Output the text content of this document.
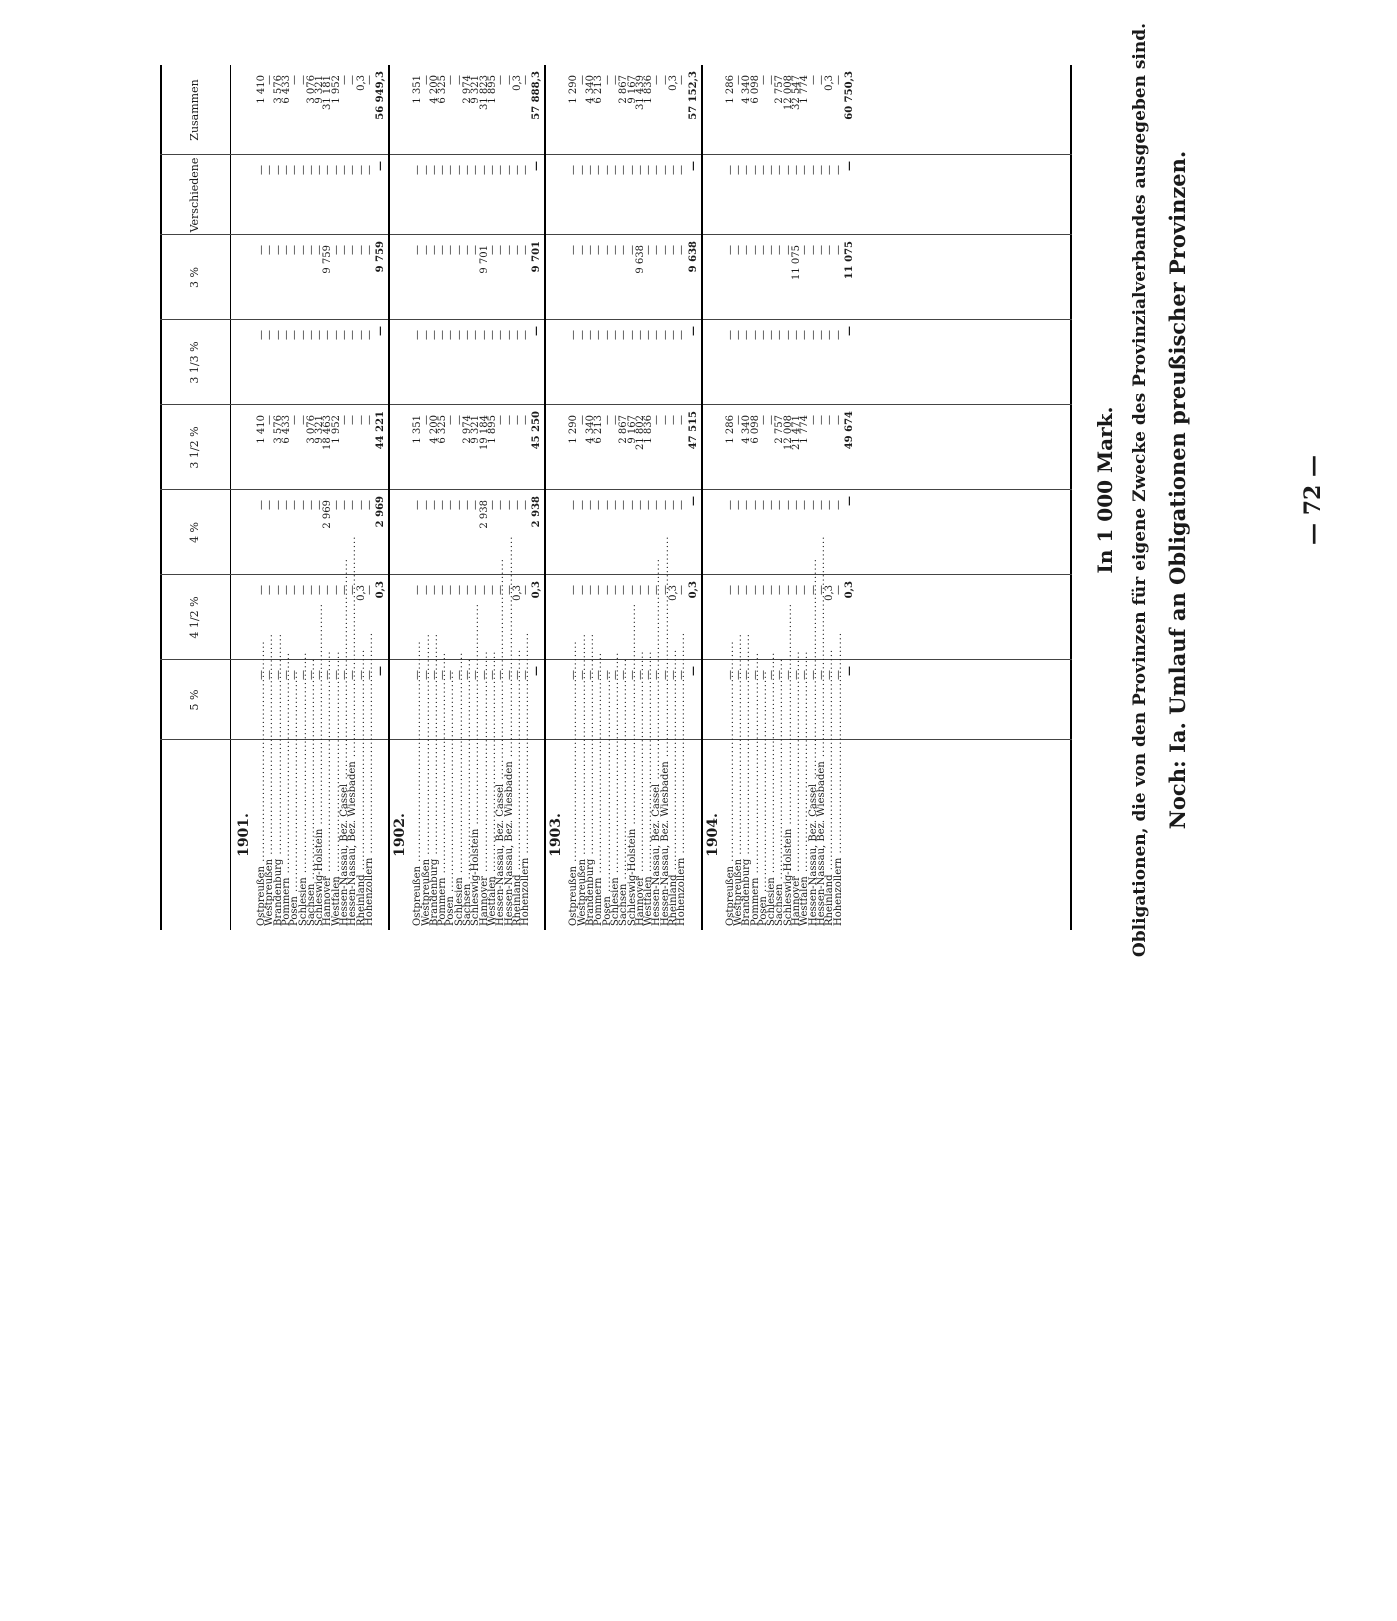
— 72 —
Noch: Ia. Umlauf an Obligationen preußischer Provinzen.
Obligationen, die von den Provinzen für eigene Zwecke des Provinzialverbandes ausgegeben sind.
In 1 000 Mark.
5 %
4 1/2 %
4 %
3 1/2 %
3 1/3 %
3 %
Verschiedene
Zusammen
1901.
Ostpreußen .....
—
—
—
1 410
—
—
—
1 410
Westpreußen .....
—
—
—
—
—
—
—
—
Brandenburg .....
—
—
—
3 576
—
—
—
3 576
Pommern .....
—
—
—
6 433
—
—
—
6 433
Posen .....
—
—
—
—
—
—
—
—
Schlesien .....
—
—
—
—
—
—
—
—
Sachsen .....
—
—
—
3 076
—
—
—
3 076
Schleswig-Holstein .....
—
—
—
9 321
—
—
—
9 321
Hannover .....
—
—
2 969
18 463
—
9 759
—
31 181
Westfalen .....
—
—
—
1 952
—
—
—
1 952
Hessen-Nassau, Bez. Cassel .....
—
—
—
—
—
—
—
—
Hessen-Nassau, Bez. Wiesbaden .....
—
—
—
—
—
—
—
—
Rheinland .....
—
0,3
—
—
—
—
—
0,3
Hohenzollern .....
—
—
—
—
—
—
—
—
—
0,3
2 969
44 221
—
9 759
—
56 949,3
1902.
Ostpreußen .....
—
—
—
1 351
—
—
—
1 351
Westpreußen .....
—
—
—
—
—
—
—
—
Brandenburg .....
—
—
—
4 200
—
—
—
4 200
Pommern .....
—
—
—
6 325
—
—
—
6 325
Posen .....
—
—
—
—
—
—
—
—
Schlesien .....
—
—
—
—
—
—
—
—
Sachsen .....
—
—
—
2 974
—
—
—
2 974
Schleswig-Holstein .....
—
—
—
9 321
—
—
—
9 321
Hannover .....
—
—
2 938
19 184
—
9 701
—
31 823
Westfalen .....
—
—
—
1 895
—
—
—
1 895
Hessen-Nassau, Bez. Cassel .....
—
—
—
—
—
—
—
—
Hessen-Nassau, Bez. Wiesbaden .....
—
—
—
—
—
—
—
—
Rheinland .....
—
0,3
—
—
—
—
—
0,3
Hohenzollern .....
—
—
—
—
—
—
—
—
—
0,3
2 938
45 250
—
9 701
—
57 888,3
1903.
Ostpreußen .....
—
—
—
1 290
—
—
—
1 290
Westpreußen .....
—
—
—
—
—
—
—
—
Brandenburg .....
—
—
—
4 340
—
—
—
4 340
Pommern .....
—
—
—
6 213
—
—
—
6 213
Posen .....
—
—
—
—
—
—
—
—
Schlesien .....
—
—
—
—
—
—
—
—
Sachsen .....
—
—
—
2 867
—
—
—
2 867
Schleswig-Holstein .....
—
—
—
9 167
—
—
—
9 167
Hannover .....
—
—
—
21 802
—
9 638
—
31 439
Westfalen .....
—
—
—
1 836
—
—
—
1 836
Hessen-Nassau, Bez. Cassel .....
—
—
—
—
—
—
—
—
Hessen-Nassau, Bez. Wiesbaden .....
—
—
—
—
—
—
—
—
Rheinland .....
—
0,3
—
—
—
—
—
0,3
Hohenzollern .....
—
—
—
—
—
—
—
—
—
0,3
—
47 515
—
9 638
—
57 152,3
1904.
Ostpreußen .....
—
—
—
1 286
—
—
—
1 286
Westpreußen .....
—
—
—
—
—
—
—
—
Brandenburg .....
—
—
—
4 340
—
—
—
4 340
Pommern .....
—
—
—
6 098
—
—
—
6 098
Posen .....
—
—
—
—
—
—
—
—
Schlesien .....
—
—
—
—
—
—
—
—
Sachsen .....
—
—
—
2 757
—
—
—
2 757
Schleswig-Holstein .....
—
—
—
12 008
—
—
—
12 008
Hannover .....
—
—
—
21 471
—
11 075
—
32 547
Westfalen .....
—
—
—
1 774
—
—
—
1 774
Hessen-Nassau, Bez. Cassel .....
—
—
—
—
—
—
—
—
Hessen-Nassau, Bez. Wiesbaden .....
—
—
—
—
—
—
—
—
Rheinland .....
—
0,3
—
—
—
—
—
0,3
Hohenzollern .....
—
—
—
—
—
—
—
—
—
0,3
—
49 674
—
11 075
—
60 750,3
